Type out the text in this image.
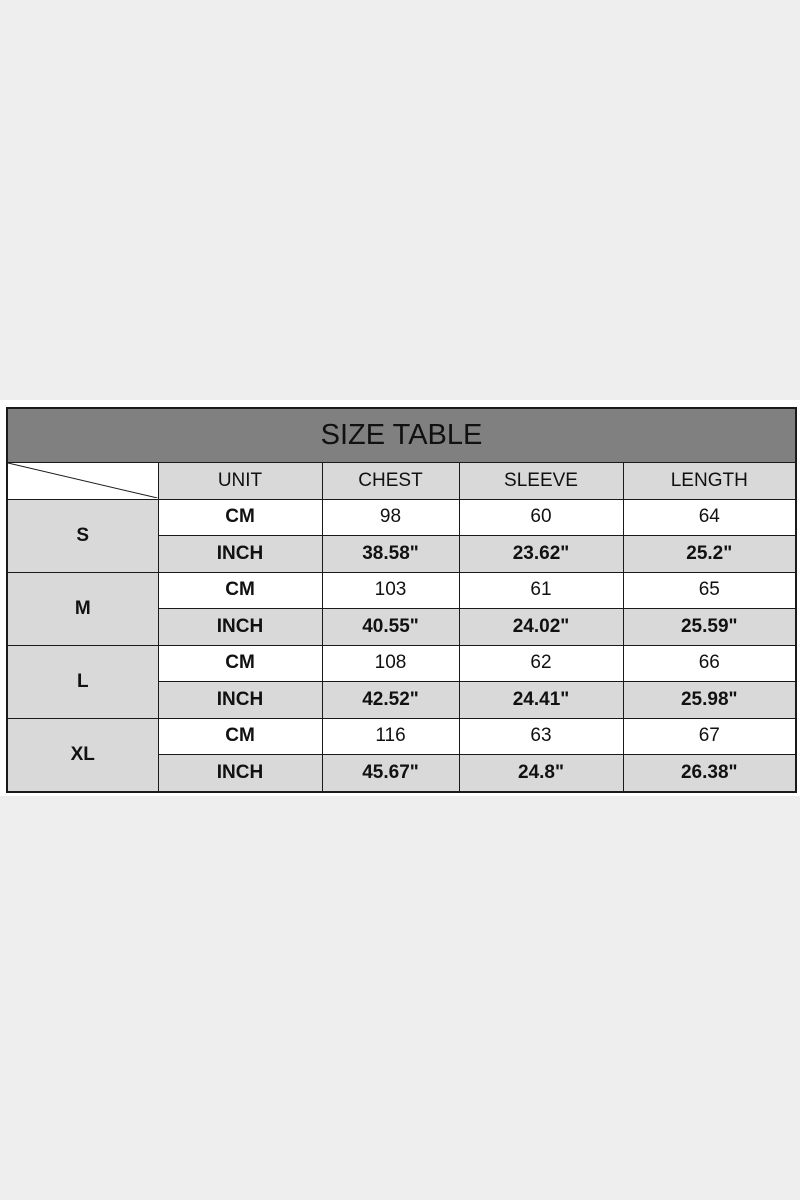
SIZE TABLE				

	UNIT	CHEST	SLEEVE	LENGTH
S	CM	98	60	64
	INCH	38.58"	23.62"	25.2"
M	CM	103	61	65
	INCH	40.55"	24.02"	25.59"
L	CM	108	62	66
	INCH	42.52"	24.41"	25.98"
XL	CM	116	63	67
	INCH	45.67"	24.8"	26.38"
